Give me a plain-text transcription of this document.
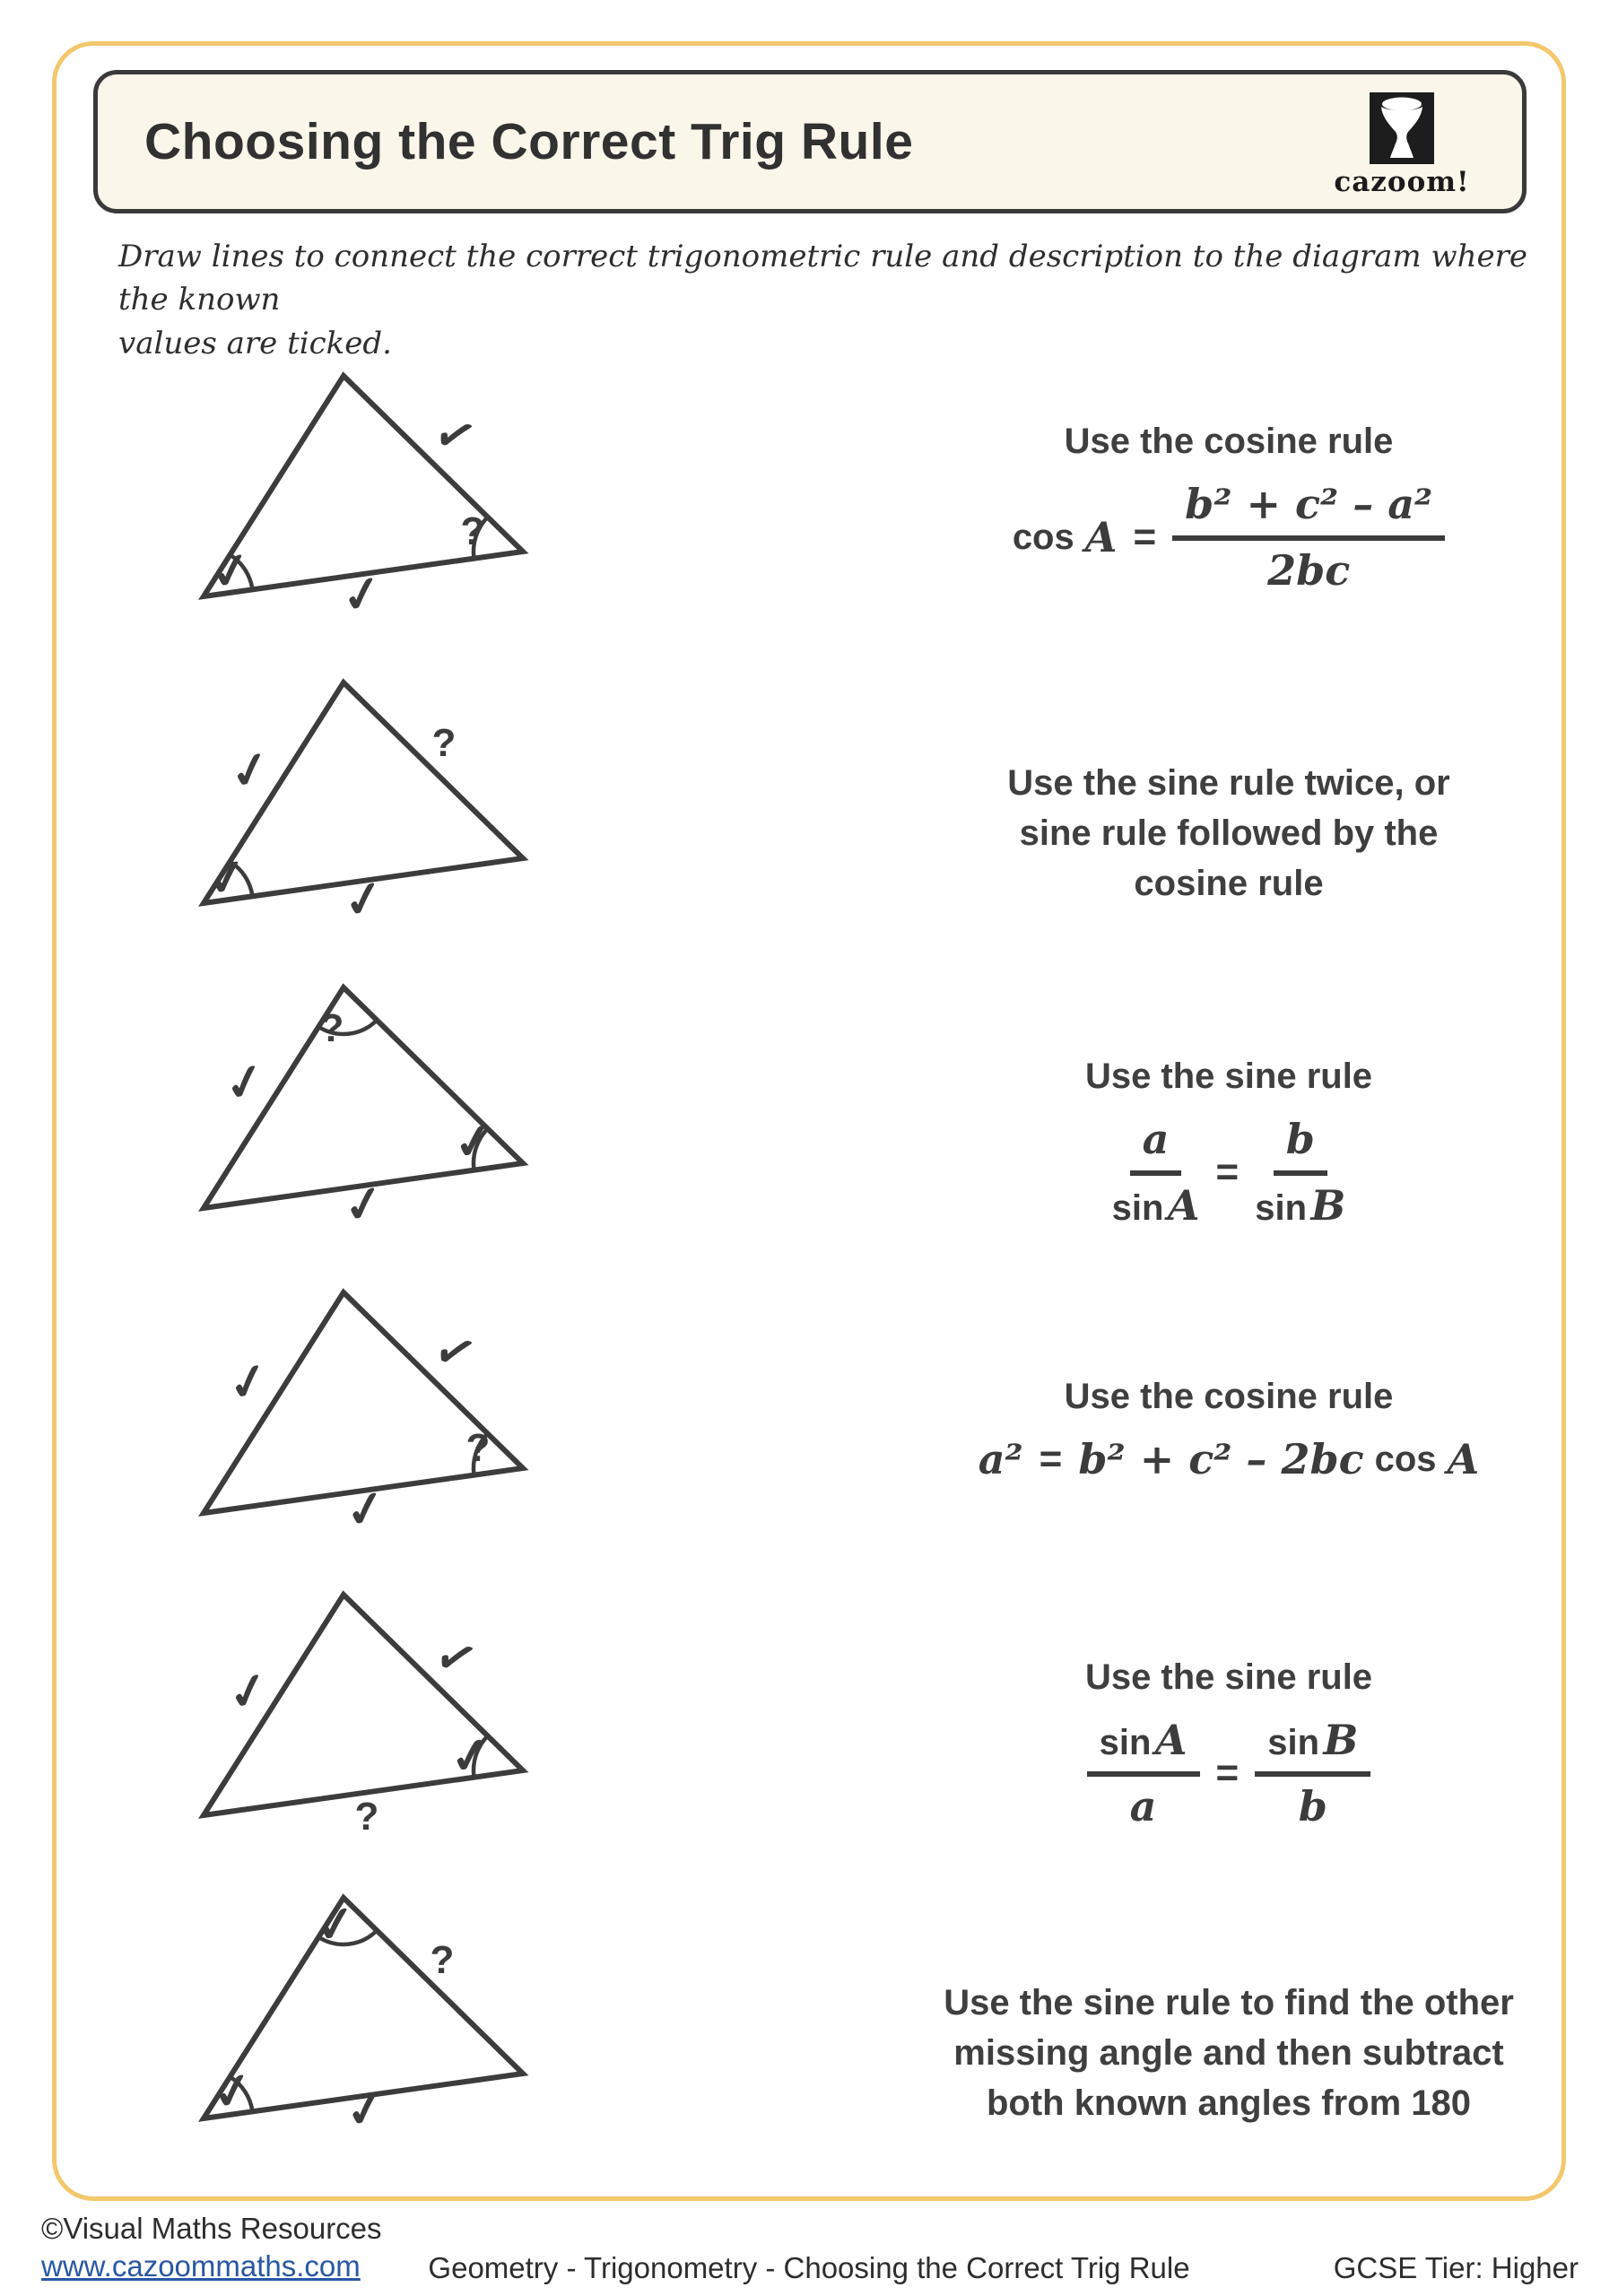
Choosing the Correct Trig Rule
cazoom!
Draw lines to connect the correct trigonometric rule and description to the diagram where the known
values are ticked.
✓
✓
✓
?
✓	?
✓ ✓
?
✓
✓
✓
✓	✓
✓
?
✓
✓
✓
?
✓
?
✓ ✓
Use the cosine rule
$\cos A = \frac{\text{b² + c² – a²}}{2bc}$
Use the sine rule twice, or
sine rule followed by the
cosine rule
Use the sine rule
$\frac{a}{\text{sin A}} = \frac{b}{\text{sin B}}$
Use the cosine rule
a² = b² + c² – 2bc cos A
Use the sine rule
$\frac{\text{sin A}}{a} = \frac{\text{sin B}}{b}$
Use the sine rule to find the other
missing angle and then subtract
both known angles from 180
©Visual Maths Resources
www.cazoommaths.com	Geometry - Trigonometry - Choosing the Correct Trig Rule	GCSE Tier: Higher
